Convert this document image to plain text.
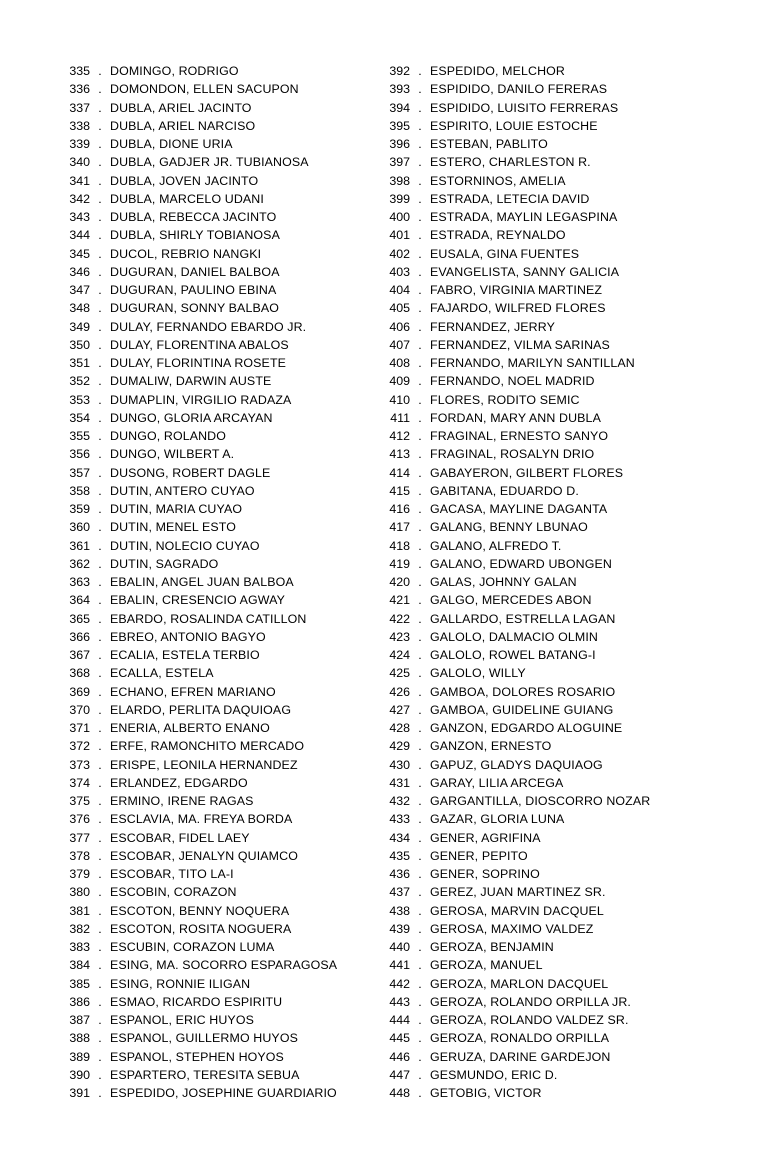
335 . DOMINGO, RODRIGO
336 . DOMONDON, ELLEN SACUPON
337 . DUBLA, ARIEL JACINTO
338 . DUBLA, ARIEL NARCISO
339 . DUBLA, DIONE URIA
340 . DUBLA, GADJER JR. TUBIANOSA
341 . DUBLA, JOVEN JACINTO
342 . DUBLA, MARCELO UDANI
343 . DUBLA, REBECCA JACINTO
344 . DUBLA, SHIRLY TOBIANOSA
345 . DUCOL, REBRIO NANGKI
346 . DUGURAN, DANIEL BALBOA
347 . DUGURAN, PAULINO EBINA
348 . DUGURAN, SONNY BALBAO
349 . DULAY, FERNANDO EBARDO JR.
350 . DULAY, FLORENTINA ABALOS
351 . DULAY, FLORINTINA ROSETE
352 . DUMALIW, DARWIN AUSTE
353 . DUMAPLIN, VIRGILIO RADAZA
354 . DUNGO, GLORIA ARCAYAN
355 . DUNGO, ROLANDO
356 . DUNGO, WILBERT A.
357 . DUSONG, ROBERT DAGLE
358 . DUTIN, ANTERO CUYAO
359 . DUTIN, MARIA CUYAO
360 . DUTIN, MENEL ESTO
361 . DUTIN, NOLECIO CUYAO
362 . DUTIN, SAGRADO
363 . EBALIN, ANGEL JUAN BALBOA
364 . EBALIN, CRESENCIO AGWAY
365 . EBARDO, ROSALINDA CATILLON
366 . EBREO, ANTONIO BAGYO
367 . ECALIA, ESTELA TERBIO
368 . ECALLA, ESTELA
369 . ECHANO, EFREN MARIANO
370 . ELARDO, PERLITA DAQUIOAG
371 . ENERIA, ALBERTO ENANO
372 . ERFE, RAMONCHITO MERCADO
373 . ERISPE, LEONILA HERNANDEZ
374 . ERLANDEZ, EDGARDO
375 . ERMINO, IRENE RAGAS
376 . ESCLAVIA, MA. FREYA BORDA
377 . ESCOBAR, FIDEL LAEY
378 . ESCOBAR, JENALYN QUIAMCO
379 . ESCOBAR, TITO LA-I
380 . ESCOBIN, CORAZON
381 . ESCOTON, BENNY NOQUERA
382 . ESCOTON, ROSITA NOGUERA
383 . ESCUBIN, CORAZON LUMA
384 . ESING, MA. SOCORRO ESPARAGOSA
385 . ESING, RONNIE ILIGAN
386 . ESMAO, RICARDO ESPIRITU
387 . ESPANOL, ERIC HUYOS
388 . ESPANOL, GUILLERMO HUYOS
389 . ESPANOL, STEPHEN HOYOS
390 . ESPARTERO, TERESITA SEBUA
391 . ESPEDIDO, JOSEPHINE GUARDIARIO
392 . ESPEDIDO, MELCHOR
393 . ESPIDIDO, DANILO FERERAS
394 . ESPIDIDO, LUISITO FERRERAS
395 . ESPIRITO, LOUIE ESTOCHE
396 . ESTEBAN, PABLITO
397 . ESTERO, CHARLESTON R.
398 . ESTORNINOS, AMELIA
399 . ESTRADA, LETECIA DAVID
400 . ESTRADA, MAYLIN LEGASPINA
401 . ESTRADA, REYNALDO
402 . EUSALA, GINA FUENTES
403 . EVANGELISTA, SANNY GALICIA
404 . FABRO, VIRGINIA MARTINEZ
405 . FAJARDO, WILFRED FLORES
406 . FERNANDEZ, JERRY
407 . FERNANDEZ, VILMA SARINAS
408 . FERNANDO, MARILYN SANTILLAN
409 . FERNANDO, NOEL MADRID
410 . FLORES, RODITO SEMIC
411 . FORDAN, MARY ANN DUBLA
412 . FRAGINAL, ERNESTO SANYO
413 . FRAGINAL, ROSALYN DRIO
414 . GABAYERON, GILBERT FLORES
415 . GABITANA, EDUARDO D.
416 . GACASA, MAYLINE DAGANTA
417 . GALANG, BENNY LBUNAO
418 . GALANO, ALFREDO T.
419 . GALANO, EDWARD UBONGEN
420 . GALAS, JOHNNY GALAN
421 . GALGO, MERCEDES ABON
422 . GALLARDO, ESTRELLA LAGAN
423 . GALOLO, DALMACIO OLMIN
424 . GALOLO, ROWEL BATANG-I
425 . GALOLO, WILLY
426 . GAMBOA, DOLORES ROSARIO
427 . GAMBOA, GUIDELINE GUIANG
428 . GANZON, EDGARDO ALOGUINE
429 . GANZON, ERNESTO
430 . GAPUZ, GLADYS DAQUIAOG
431 . GARAY, LILIA ARCEGA
432 . GARGANTILLA, DIOSCORRO NOZAR
433 . GAZAR, GLORIA LUNA
434 . GENER, AGRIFINA
435 . GENER, PEPITO
436 . GENER, SOPRINO
437 . GEREZ, JUAN MARTINEZ SR.
438 . GEROSA, MARVIN DACQUEL
439 . GEROSA, MAXIMO VALDEZ
440 . GEROZA, BENJAMIN
441 . GEROZA, MANUEL
442 . GEROZA, MARLON DACQUEL
443 . GEROZA, ROLANDO ORPILLA JR.
444 . GEROZA, ROLANDO VALDEZ SR.
445 . GEROZA, RONALDO ORPILLA
446 . GERUZA, DARINE GARDEJON
447 . GESMUNDO, ERIC D.
448 . GETOBIG, VICTOR
